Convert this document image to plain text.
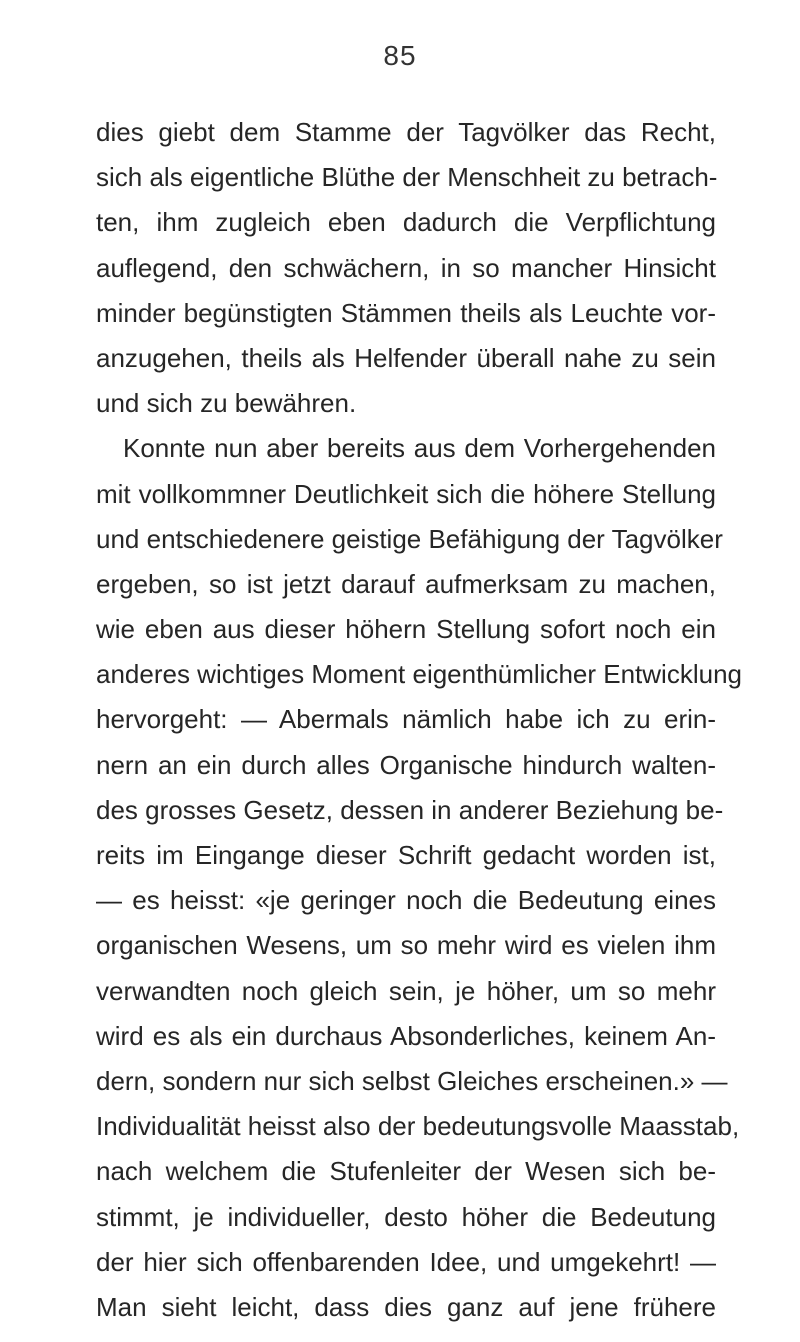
85
dies giebt dem Stamme der Tagvölker das Recht,
sich als eigentliche Blüthe der Menschheit zu betrach-
ten, ihm zugleich eben dadurch die Verpflichtung
auflegend, den schwächern, in so mancher Hinsicht
minder begünstigten Stämmen theils als Leuchte vor-
anzugehen, theils als Helfender überall nahe zu sein
und sich zu bewähren.
Konnte nun aber bereits aus dem Vorhergehenden
mit vollkommner Deutlichkeit sich die höhere Stellung
und entschiedenere geistige Befähigung der Tagvölker
ergeben, so ist jetzt darauf aufmerksam zu machen,
wie eben aus dieser höhern Stellung sofort noch ein
anderes wichtiges Moment eigenthümlicher Entwicklung
hervorgeht: — Abermals nämlich habe ich zu erin-
nern an ein durch alles Organische hindurch walten-
des grosses Gesetz, dessen in anderer Beziehung be-
reits im Eingange dieser Schrift gedacht worden ist,
— es heisst: «je geringer noch die Bedeutung eines
organischen Wesens, um so mehr wird es vielen ihm
verwandten noch gleich sein, je höher, um so mehr
wird es als ein durchaus Absonderliches, keinem An-
dern, sondern nur sich selbst Gleiches erscheinen.» —
Individualität heisst also der bedeutungsvolle Maasstab,
nach welchem die Stufenleiter der Wesen sich be-
stimmt, je individueller, desto höher die Bedeutung
der hier sich offenbarenden Idee, und umgekehrt! —
Man sieht leicht, dass dies ganz auf jene frühere
